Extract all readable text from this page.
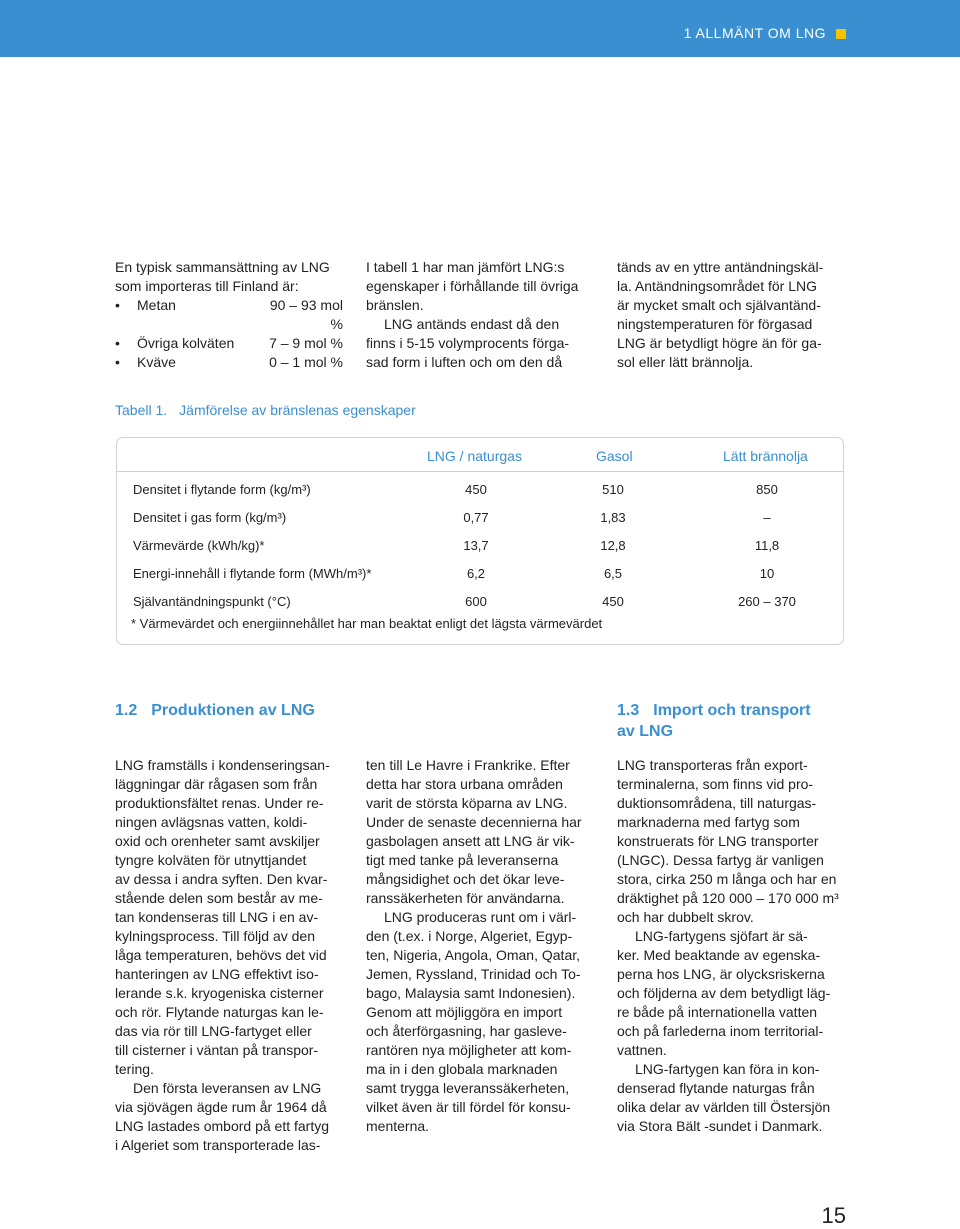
1 ALLMÄNT OM LNG

En typisk sammansättning av LNG

som importeras till Finland är:

•	Metan	90 – 93 mol %
•	Övriga kolväten	7 – 9 mol %
•	Kväve	0 – 1 mol %

I tabell 1 har man jämfört LNG:s

egenskaper i förhållande till övriga

bränslen.

LNG antänds endast då den

finns i 5-15 volymprocents förga-

sad form i luften och om den då

tänds av en yttre antändningskäl-

la. Antändningsområdet för LNG

är mycket smalt och självantänd-

ningstemperaturen för förgasad

LNG är betydligt högre än för ga-

sol eller lätt brännolja.

Tabell 1. Jämförelse av bränslenas egenskaper
LNG / naturgas	Gasol	Lätt brännolja
Densitet i flytande form (kg/m³)	450	510	850
Densitet i gas form (kg/m³)	0,77	1,83	–
Värmevärde (kWh/kg)*	13,7	12,8	11,8
Energi-innehåll i flytande form (MWh/m³)*	6,2	6,5	10
Självantändningspunkt (°C)	600	450	260 – 370
* Värmevärdet och energiinnehållet har man beaktat enligt det lägsta värmevärdet
1.2 Produktionen av LNG	1.3 Import och transport
av LNG

LNG framställs i kondenseringsan-

läggningar där rågasen som från

produktionsfältet renas. Under re-

ningen avlägsnas vatten, koldi-

oxid och orenheter samt avskiljer

tyngre kolväten för utnyttjandet

av dessa i andra syften. Den kvar-

stående delen som består av me-

tan kondenseras till LNG i en av-

kylningsprocess. Till följd av den

låga temperaturen, behövs det vid

hanteringen av LNG effektivt iso-

lerande s.k. kryogeniska cisterner

och rör. Flytande naturgas kan le-

das via rör till LNG-fartyget eller

till cisterner i väntan på transpor-

tering.

Den första leveransen av LNG

via sjövägen ägde rum år 1964 då

LNG lastades ombord på ett fartyg

i Algeriet som transporterade las-

ten till Le Havre i Frankrike. Efter

detta har stora urbana områden

varit de största köparna av LNG.

Under de senaste decennierna har

gasbolagen ansett att LNG är vik-

tigt med tanke på leveranserna

mångsidighet och det ökar leve-

ranssäkerheten för användarna.

LNG produceras runt om i värl-

den (t.ex. i Norge, Algeriet, Egyp-

ten, Nigeria, Angola, Oman, Qatar,

Jemen, Ryssland, Trinidad och To-

bago, Malaysia samt Indonesien).

Genom att möjliggöra en import

och återförgasning, har gasleve-

rantören nya möjligheter att kom-

ma in i den globala marknaden

samt trygga leveranssäkerheten,

vilket även är till fördel för konsu-

menterna.

LNG transporteras från export-

terminalerna, som finns vid pro-

duktionsområdena, till naturgas-

marknaderna med fartyg som

konstruerats för LNG transporter

(LNGC). Dessa fartyg är vanligen

stora, cirka 250 m långa och har en

dräktighet på 120 000 – 170 000 m³

och har dubbelt skrov.

LNG-fartygens sjöfart är sä-

ker. Med beaktande av egenska-

perna hos LNG, är olycksriskerna

och följderna av dem betydligt läg-

re både på internationella vatten

och på farlederna inom territorial-

vattnen.

LNG-fartygen kan föra in kon-

denserad flytande naturgas från

olika delar av världen till Östersjön

via Stora Bält -sundet i Danmark.

15
